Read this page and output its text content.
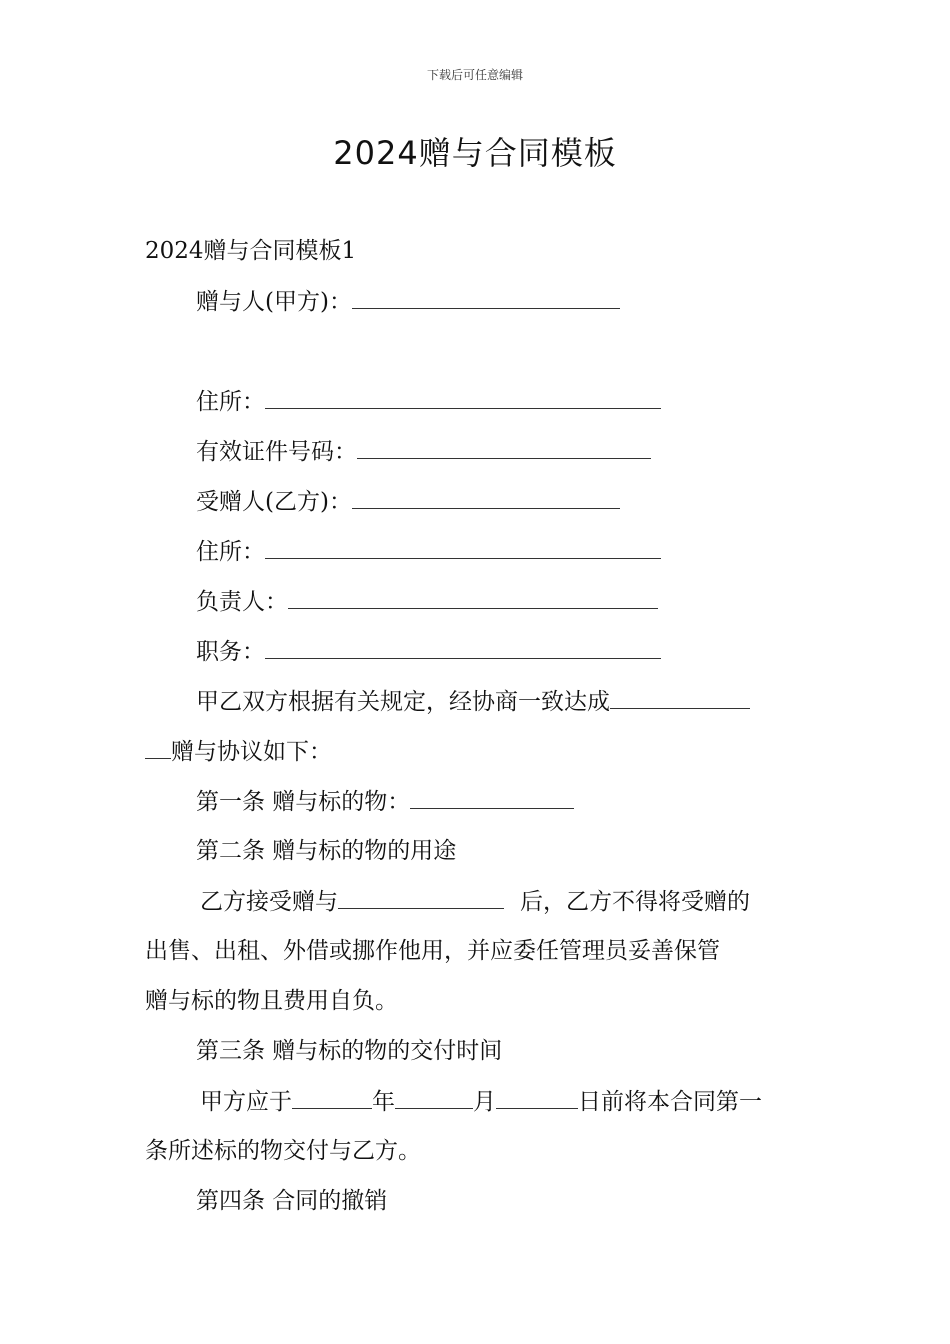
下载后可任意编辑
2024赠与合同模板
2024赠与合同模板1
赠与人(甲方)：
住所：
有效证件号码：
受赠人(乙方)：
住所：
负责人：
职务：
甲乙双方根据有关规定，经协商一致达成
赠与协议如下：
第一条 赠与标的物：
第二条 赠与标的物的用途
乙方接受赠与	后，乙方不得将受赠的
出售、出租、外借或挪作他用，并应委任管理员妥善保管
赠与标的物且费用自负。
第三条 赠与标的物的交付时间
甲方应于	年	月	日前将本合同第一
条所述标的物交付与乙方。
第四条 合同的撤销
